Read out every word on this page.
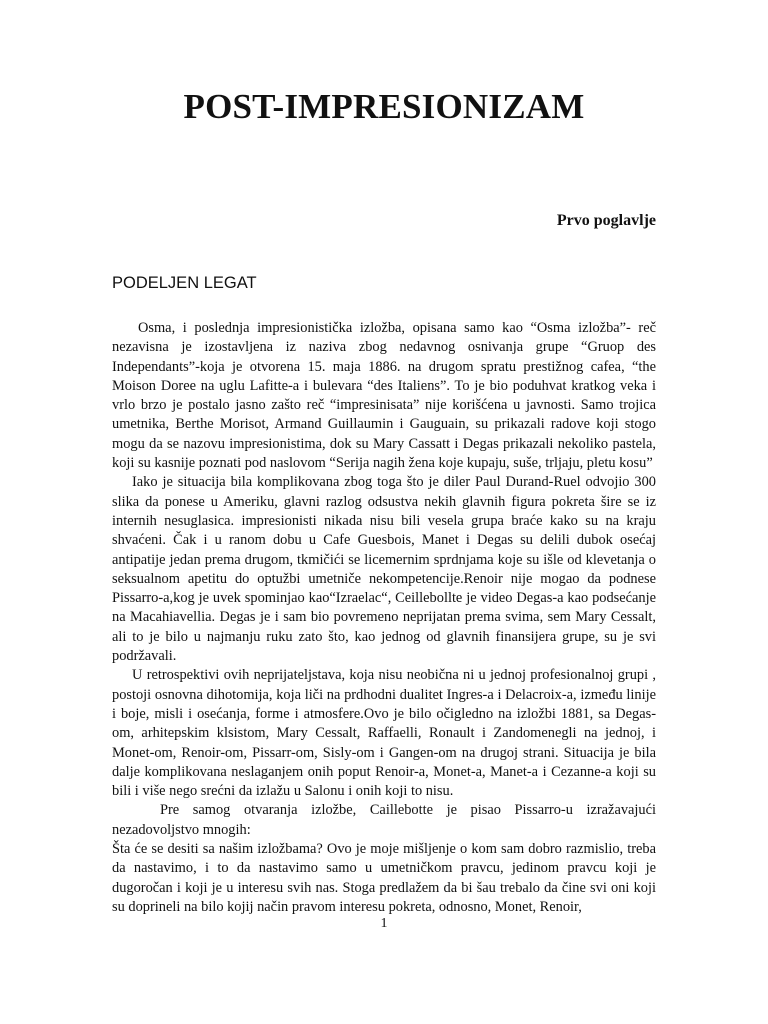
POST-IMPRESIONIZAM

Prvo poglavlje

PODELJEN LEGAT

Osma, i poslednja impresionistička izložba, opisana samo kao “Osma izložba”- reč nezavisna je izostavljena iz naziva zbog nedavnog osnivanja grupe “Gruop des Independants”-koja je otvorena 15. maja 1886. na drugom spratu prestižnog cafea, “the Moison Doree na uglu Lafitte-a i bulevara “des Italiens”. To je bio poduhvat kratkog veka i vrlo brzo je postalo jasno zašto reč “impresinisata” nije korišćena u javnosti. Samo trojica umetnika, Berthe Morisot, Armand Guillaumin i Gauguain, su prikazali radove koji stogo mogu da se nazovu impresionistima, dok su Mary Cassatt i Degas prikazali nekoliko pastela, koji su kasnije poznati pod naslovom “Serija nagih žena koje kupaju, suše, trljaju, pletu kosu”

Iako je situacija bila komplikovana zbog toga što je diler Paul Durand-Ruel odvojio 300 slika da ponese u Ameriku, glavni razlog odsustva nekih glavnih figura pokreta šire se iz internih nesuglasica. impresionisti nikada nisu bili vesela grupa braće kako su na kraju shvaćeni. Čak i u ranom dobu u Cafe Guesbois, Manet i Degas su delili dubok osećaj antipatije jedan prema drugom, tkmičići se licemernim sprdnjama koje su išle od klevetanja o seksualnom apetitu do optužbi umetniče nekompetencije.Renoir nije mogao da podnese Pissarro-a,kog je uvek spominjao kao“Izraelac“, Ceillebollte je video Degas-a kao podsećanje na Macahiavellia. Degas je i sam bio povremeno neprijatan prema svima, sem Mary Cessalt, ali to je bilo u najmanju ruku zato što, kao jednog od glavnih finansijera grupe, su je svi podržavali.

U retrospektivi ovih neprijateljstava, koja nisu neobična ni u jednoj profesionalnoj grupi , postoji osnovna dihotomija, koja liči na prdhodni dualitet Ingres-a i Delacroix-a, između linije i boje, misli i osećanja, forme i atmosfere.Ovo je bilo očigledno na izložbi 1881, sa Degas-om, arhitepskim klsistom, Mary Cessalt, Raffaelli, Ronault i Zandomenegli na jednoj, i Monet-om, Renoir-om, Pissarr-om, Sisly-om i Gangen-om na drugoj strani. Situacija je bila dalje komplikovana neslaganjem onih poput Renoir-a, Monet-a, Manet-a i Cezanne-a koji su bili i više nego srećni da izlažu u Salonu i onih koji to nisu.

Pre samog otvaranja izložbe, Caillebotte je pisao Pissarro-u izražavajući nezadovoljstvo mnogih:

Šta će se desiti sa našim izložbama? Ovo je moje mišljenje o kom sam dobro razmislio, treba da nastavimo, i to da nastavimo samo u umetničkom pravcu, jedinom pravcu koji je dugoročan i koji je u interesu svih nas. Stoga predlažem da bi šau trebalo da čine svi oni koji su doprineli na bilo kojij način pravom interesu pokreta, odnosno, Monet, Renoir,

1
